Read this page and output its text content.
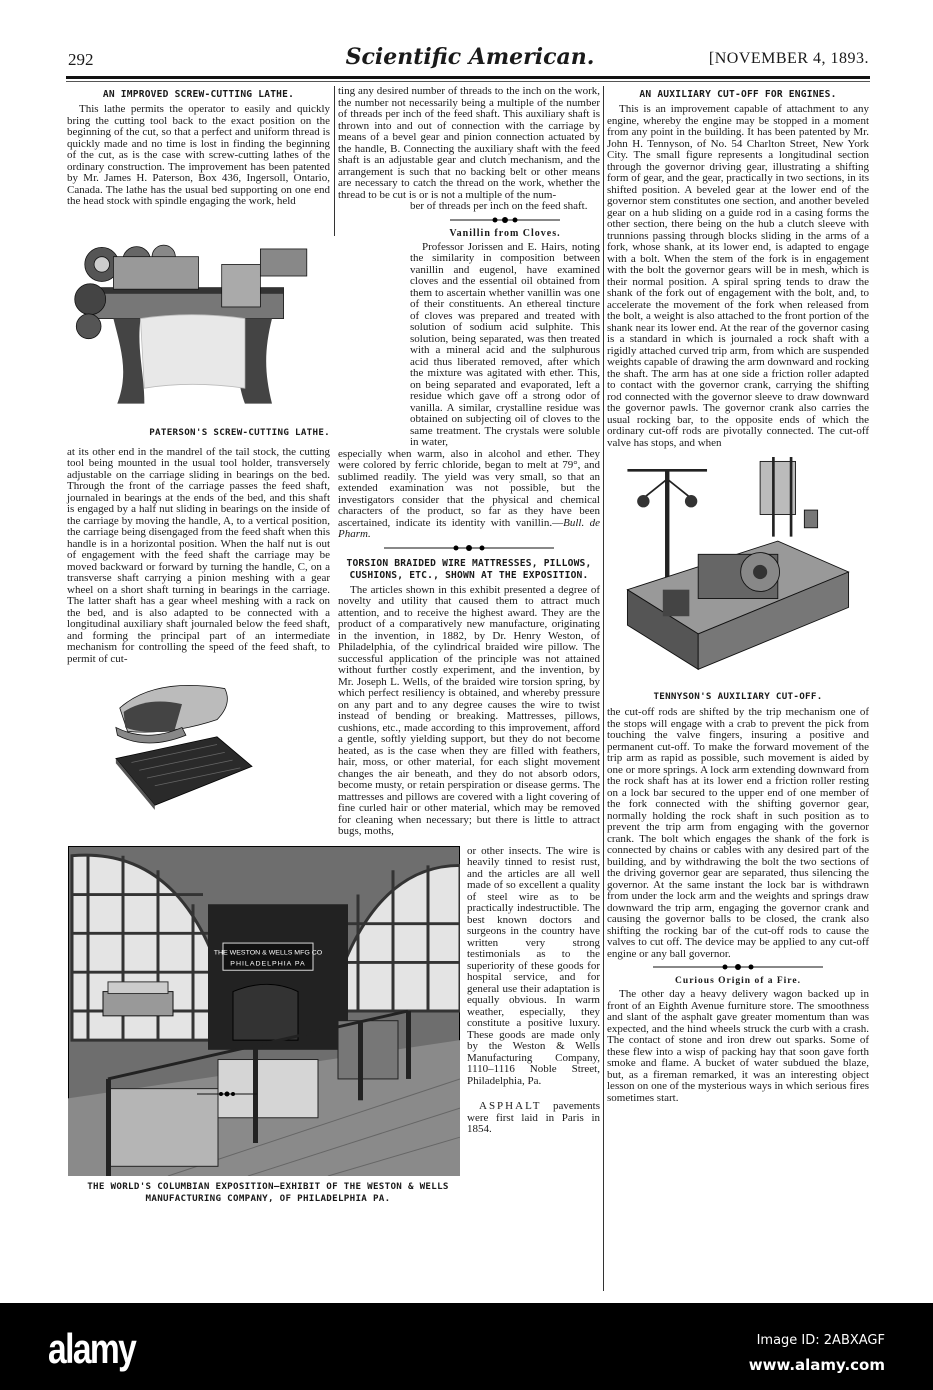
292	Scientific American.	[NOVEMBER 4, 1893.
AN IMPROVED SCREW-CUTTING LATHE.

This lathe permits the operator to easily and quickly bring the cutting tool back to the exact position on the beginning of the cut, so that a perfect and uniform thread is quickly made and no time is lost in finding the beginning of the cut, as is the case with screw-cutting lathes of the ordinary construction. The improvement has been patented by Mr. James H. Paterson, Box 436, Ingersoll, Ontario, Canada. The lathe has the usual bed supporting on one end the head stock with spindle engaging the work, held

PATERSON'S SCREW-CUTTING LATHE.

at its other end in the mandrel of the tail stock, the cutting tool being mounted in the usual tool holder, transversely adjustable on the carriage sliding in bearings on the bed. Through the front of the carriage passes the feed shaft, journaled in bearings at the ends of the bed, and this shaft is engaged by a half nut sliding in bearings on the inside of the carriage by moving the handle, A, to a vertical position, the carriage being disengaged from the feed shaft when this handle is in a horizontal position. When the half nut is out of engagement with the feed shaft the carriage may be moved backward or forward by turning the handle, C, on a transverse shaft carrying a pinion meshing with a gear wheel on a short shaft turning in bearings in the carriage. The latter shaft has a gear wheel meshing with a rack on the bed, and is also adapted to be connected with a longitudinal auxiliary shaft journaled below the feed shaft, and forming the principal part of an intermediate mechanism for controlling the speed of the feed shaft, to permit of cut-

ting any desired number of threads to the inch on the work, the number not necessarily being a multiple of the number of threads per inch of the feed shaft. This auxiliary shaft is thrown into and out of connection with the carriage by means of a bevel gear and pinion connection actuated by the handle, B. Connecting the auxiliary shaft with the feed shaft is an adjustable gear and clutch mechanism, and the arrangement is such that no backing belt or other means are necessary to catch the thread on the work, whether the thread to be cut is or is not a multiple of the num-

ber of threads per inch on the feed shaft.

Vanillin from Cloves.

Professor Jorissen and E. Hairs, noting the similarity in composition between vanillin and eugenol, have examined cloves and the essential oil obtained from them to ascertain whether vanillin was one of their constituents. An ethereal tincture of cloves was prepared and treated with solution of sodium acid sulphite. This solution, being separated, was then treated with a mineral acid and the sulphurous acid thus liberated removed, after which the mixture was agitated with ether. This, on being separated and evaporated, left a residue which gave off a strong odor of vanilla. A similar, crystalline residue was obtained on subjecting oil of cloves to the same treatment. The crystals were soluble in water,

especially when warm, also in alcohol and ether. They were colored by ferric chloride, began to melt at 79°, and sublimed readily. The yield was very small, so that an extended examination was not possible, but the investigators consider that the physical and chemical characters of the product, so far as they have been ascertained, indicate its identity with vanillin.—Bull. de Pharm.

TORSION BRAIDED WIRE MATTRESSES, PILLOWS, CUSHIONS, ETC., SHOWN AT THE EXPOSITION.

The articles shown in this exhibit presented a degree of novelty and utility that caused them to attract much attention, and to receive the highest award. They are the product of a comparatively new manufacture, originating in the invention, in 1882, by Dr. Henry Weston, of Philadelphia, of the cylindrical braided wire pillow. The successful application of the principle was not attained without further costly experiment, and the invention, by Mr. Joseph L. Wells, of the braided wire torsion spring, by which perfect resiliency is obtained, and whereby pressure on any part and to any degree causes the wire to twist instead of bending or breaking. Mattresses, pillows, cushions, etc., made according to this improvement, afford a gentle, softly yielding support, but they do not become heated, as is the case when they are filled with feathers, hair, moss, or other material, for each slight movement changes the air beneath, and they do not absorb odors, become musty, or retain perspiration or disease germs. The mattresses and pillows are covered with a light covering of fine curled hair or other material, which may be removed for cleaning when necessary; but there is little to attract bugs, moths,

THE WESTON & WELLS MFG CO
PHILADELPHIA PA

or other insects. The wire is heavily tinned to resist rust, and the articles are all well made of so excellent a quality of steel wire as to be practically indestructible. The best known doctors and surgeons in the country have written very strong testimonials as to the superiority of these goods for hospital service, and for general use their adaptation is equally obvious. In warm weather, especially, they constitute a positive luxury. These goods are made only by the Weston & Wells Manufacturing Company, 1110–1116 Noble Street, Philadelphia, Pa.

ASPHALT pavements were first laid in Paris in 1854.

THE WORLD'S COLUMBIAN EXPOSITION—EXHIBIT OF THE WESTON & WELLS MANUFACTURING COMPANY, OF PHILADELPHIA PA.
AN AUXILIARY CUT-OFF FOR ENGINES.

This is an improvement capable of attachment to any engine, whereby the engine may be stopped in a moment from any point in the building. It has been patented by Mr. John H. Tennyson, of No. 54 Charlton Street, New York City. The small figure represents a longitudinal section through the governor driving gear, illustrating a shifting form of gear, and the gear, practically in two sections, in its shifted position. A beveled gear at the lower end of the governor stem constitutes one section, and another beveled gear on a hub sliding on a guide rod in a casing forms the other section, there being on the hub a clutch sleeve with trunnions passing through blocks sliding in the arms of a fork, whose shank, at its lower end, is adapted to engage with a bolt. When the stem of the fork is in engagement with the bolt the governor gears will be in mesh, which is their normal position. A spiral spring tends to draw the shank of the fork out of engagement with the bolt, and, to accelerate the movement of the fork when released from the bolt, a weight is also attached to the front portion of the shank near its lower end. At the rear of the governor casing is a standard in which is journaled a rock shaft with a rigidly attached curved trip arm, from which are suspended weights capable of drawing the arm downward and rocking the shaft. The arm has at one side a friction roller adapted to contact with the governor crank, carrying the shifting rod connected with the governor sleeve to draw downward the governor pawls. The governor crank also carries the usual rocking bar, to the opposite ends of which the ordinary cut-off rods are pivotally connected. The cut-off valve has stops, and when

TENNYSON'S AUXILIARY CUT-OFF.

the cut-off rods are shifted by the trip mechanism one of the stops will engage with a crab to prevent the pick from touching the valve fingers, insuring a positive and permanent cut-off. To make the forward movement of the trip arm as rapid as possible, such movement is aided by one or more springs. A lock arm extending downward from the rock shaft has at its lower end a friction roller resting on a lock bar secured to the upper end of one member of the fork connected with the shifting governor gear, normally holding the rock shaft in such position as to prevent the trip arm from engaging with the governor crank. The bolt which engages the shank of the fork is connected by chains or cables with any desired part of the building, and by withdrawing the bolt the two sections of the driving governor gear are separated, thus silencing the governor. At the same instant the lock bar is withdrawn from under the lock arm and the weights and springs draw downward the trip arm, engaging the governor crank and causing the governor balls to be closed, the crank also shifting the rocking bar of the cut-off rods to cause the valves to cut off. The device may be applied to any cut-off engine or any ball governor.

Curious Origin of a Fire.

The other day a heavy delivery wagon backed up in front of an Eighth Avenue furniture store. The smoothness and slant of the asphalt gave greater momentum than was expected, and the hind wheels struck the curb with a crash. The contact of stone and iron drew out sparks. Some of these flew into a wisp of packing hay that soon gave forth smoke and flame. A bucket of water subdued the blaze, but, as a fireman remarked, it was an interesting object lesson on one of the mysterious ways in which serious fires sometimes start.

alamy	Image ID: 2ABXAGF
www.alamy.com
